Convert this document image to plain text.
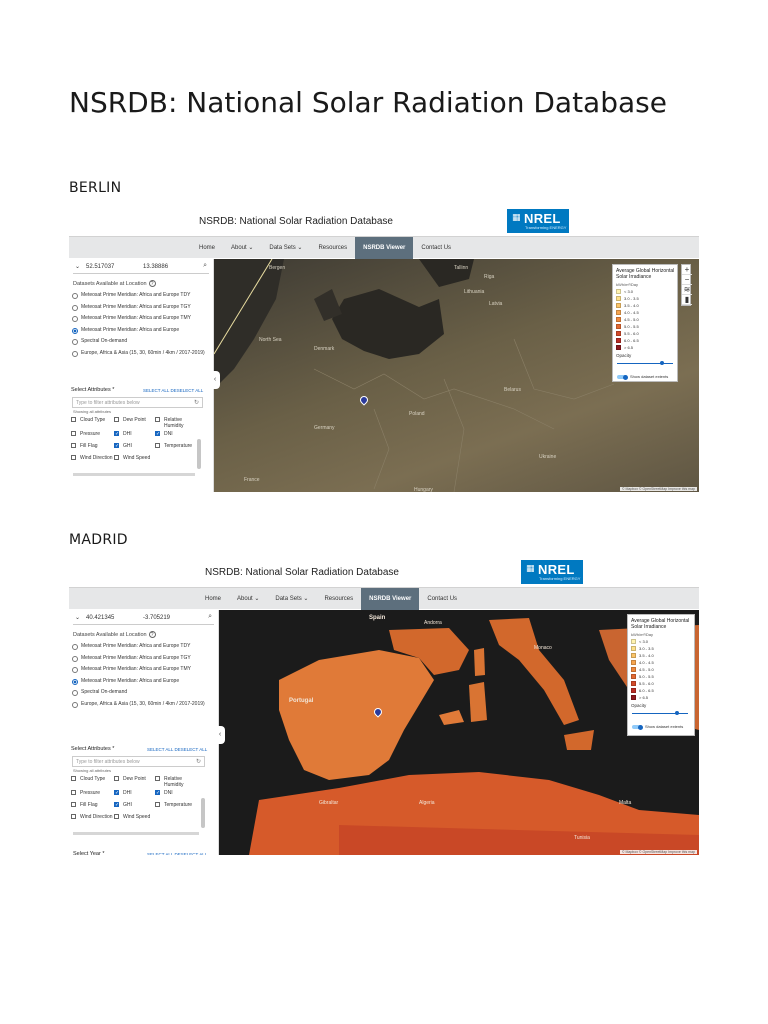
NSRDB: National Solar Radiation Database
BERLIN
NSRDB: National Solar Radiation Database	▦ NREL
Transforming ENERGY
Home	About ⌄	Data Sets ⌄	Resources	NSRDB Viewer	Contact Us
⌄ 52.517037	13.38886	⌕
Datasets Available at Location ?
Meteosat Prime Meridian: Africa and Europe TDY
Meteosat Prime Meridian: Africa and Europe TGY
Meteosat Prime Meridian: Africa and Europe TMY
Meteosat Prime Meridian: Africa and Europe
Spectral On-demand
Europe, Africa & Asia (15, 30, 60min / 4km / 2017-2019)
Select Attributes *	SELECT ALL DESELECT ALL
Type to filter attributes below	↻
Showing all attributes
Cloud Type	Dew Point	Relative Humidity
Pressure	✓ DHI	✓ DNI
Fill Flag	✓ GHI	Temperature
Wind Direction	Wind Speed
Bergen	Tallinn
Riga
Lithuania
Latvia
North Sea
Denmark
Poland
Belarus
Germany
Ukraine
France
Hungary
‹
Average Global Horizontal Solar Irradiance
kWh/m²/Day
< 3.0
3.0 - 3.5
3.5 - 4.0
4.0 - 4.5
4.5 - 5.0
5.0 - 5.5
5.5 - 6.0
6.0 - 6.5
> 6.5
Opacity
Show dataset extents
+
−
≋
▮
© Mapbox © OpenStreetMap Improve this map
MADRID
NSRDB: National Solar Radiation Database	▦ NREL
Transforming ENERGY
Home	About ⌄	Data Sets ⌄	Resources	NSRDB Viewer	Contact Us
⌄ 40.421345	-3.705219	⌕
Datasets Available at Location ?
Meteosat Prime Meridian: Africa and Europe TDY
Meteosat Prime Meridian: Africa and Europe TGY
Meteosat Prime Meridian: Africa and Europe TMY
Meteosat Prime Meridian: Africa and Europe
Spectral On-demand
Europe, Africa & Asia (15, 30, 60min / 4km / 2017-2019)
Select Attributes *	SELECT ALL DESELECT ALL
Type to filter attributes below	↻
Showing all attributes
Cloud Type	Dew Point	Relative Humidity
Pressure	✓ DHI	✓ DNI
Fill Flag	✓ GHI	Temperature
Wind Direction	Wind Speed
Select Year *	SELECT ALL DESELECT ALL
Spain
Portugal
Andorra
Monaco
Gibraltar	Algeria
Tunisia
Malta
‹
Average Global Horizontal Solar Irradiance
kWh/m²/Day
< 3.0
3.0 - 3.5
3.5 - 4.0
4.0 - 4.5
4.5 - 5.0
5.0 - 5.5
5.5 - 6.0
6.0 - 6.5
> 6.5
Opacity
Show dataset extents
© Mapbox © OpenStreetMap Improve this map
